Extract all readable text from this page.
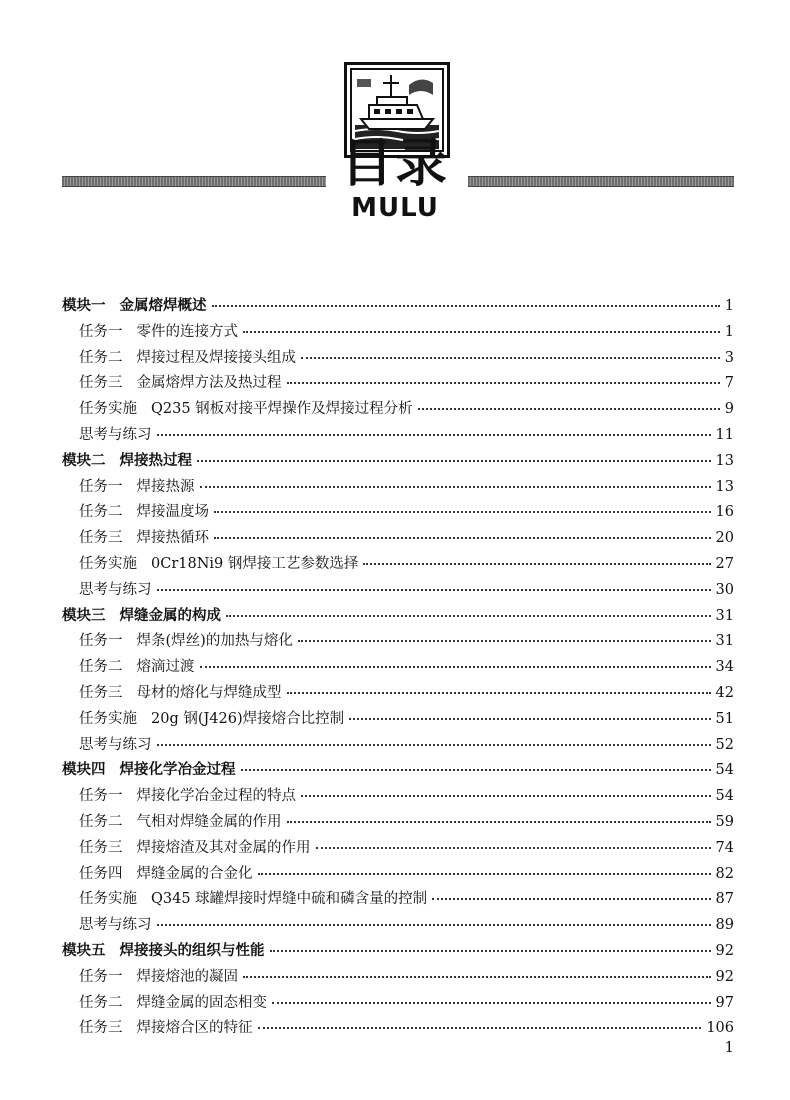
目录
MULU
模块一 金属熔焊概述	1
任务一 零件的连接方式	1
任务二 焊接过程及焊接接头组成	3
任务三 金属熔焊方法及热过程	7
任务实施 Q235 钢板对接平焊操作及焊接过程分析	9
思考与练习	11
模块二 焊接热过程	13
任务一 焊接热源	13
任务二 焊接温度场	16
任务三 焊接热循环	20
任务实施 0Cr18Ni9 钢焊接工艺参数选择	27
思考与练习	30
模块三 焊缝金属的构成	31
任务一 焊条(焊丝)的加热与熔化	31
任务二 熔滴过渡	34
任务三 母材的熔化与焊缝成型	42
任务实施 20g 钢(J426)焊接熔合比控制	51
思考与练习	52
模块四 焊接化学冶金过程	54
任务一 焊接化学冶金过程的特点	54
任务二 气相对焊缝金属的作用	59
任务三 焊接熔渣及其对金属的作用	74
任务四 焊缝金属的合金化	82
任务实施 Q345 球罐焊接时焊缝中硫和磷含量的控制	87
思考与练习	89
模块五 焊接接头的组织与性能	92
任务一 焊接熔池的凝固	92
任务二 焊缝金属的固态相变	97
任务三 焊接熔合区的特征	106
1
